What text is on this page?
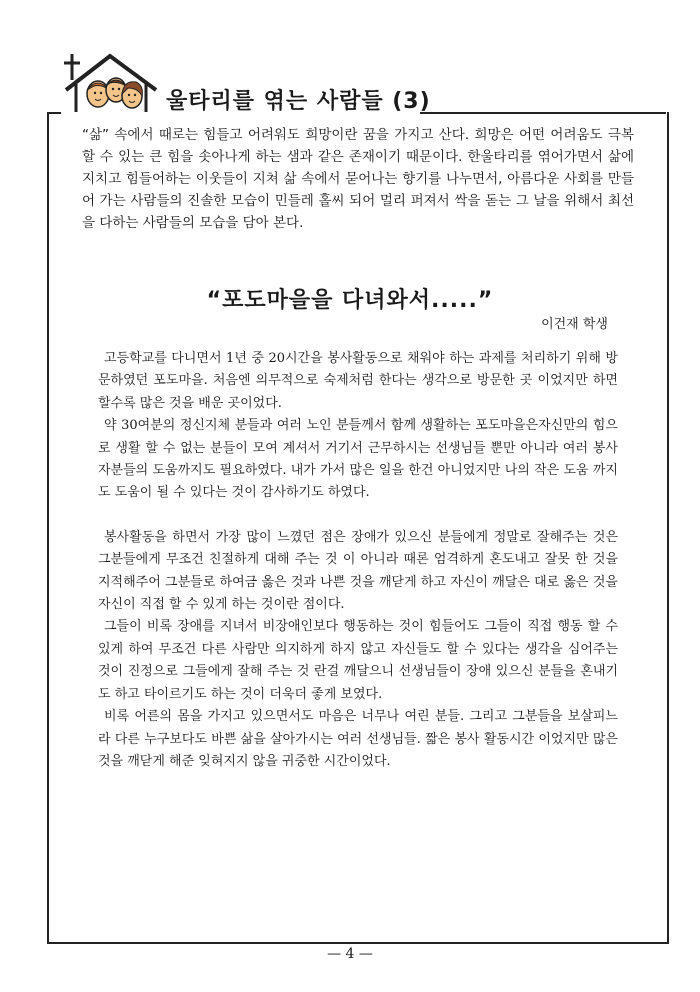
울타리를 엮는 사람들 (3)

“삶” 속에서 때로는 힘들고 어려워도 희망이란 꿈을 가지고 산다. 희망은 어떤 어려움도 극복 할 수 있는 큰 힘을 솟아나게 하는 샘과 같은 존재이기 때문이다. 한울타리를 엮어가면서 삶에 지치고 힘들어하는 이웃들이 지쳐 삶 속에서 묻어나는 향기를 나누면서, 아름다운 사회를 만들어 가는 사람들의 진솔한 모습이 민들레 홀씨 되어 멀리 퍼져서 싹을 돋는 그 날을 위해서 최선을 다하는 사람들의 모습을 담아 본다.

“포도마을을 다녀와서.....”
이건재 학생

고등학교를 다니면서 1년 중 20시간을 봉사활동으로 채워야 하는 과제를 처리하기 위해 방문하였던 포도마을. 처음엔 의무적으로 숙제처럼 한다는 생각으로 방문한 곳 이었지만 하면할수록 많은 것을 배운 곳이었다.

약 30여분의 정신지체 분들과 여러 노인 분들께서 함께 생활하는 포도마을은자신만의 힘으로 생활 할 수 없는 분들이 모여 계셔서 거기서 근무하시는 선생님들 뿐만 아니라 여러 봉사자분들의 도움까지도 필요하였다. 내가 가서 많은 일을 한건 아니었지만 나의 작은 도움 까지도 도움이 될 수 있다는 것이 감사하기도 하였다.

봉사활동을 하면서 가장 많이 느꼈던 점은 장애가 있으신 분들에게 정말로 잘해주는 것은 그분들에게 무조건 친절하게 대해 주는 것 이 아니라 때론 엄격하게 혼도내고 잘못 한 것을 지적해주어 그분들로 하여금 옳은 것과 나쁜 것을 깨닫게 하고 자신이 깨달은 대로 옳은 것을 자신이 직접 할 수 있게 하는 것이란 점이다.

그들이 비록 장애를 지녀서 비장애인보다 행동하는 것이 힘들어도 그들이 직접 행동 할 수 있게 하여 무조건 다른 사람만 의지하게 하지 않고 자신들도 할 수 있다는 생각을 심어주는 것이 진정으로 그들에게 잘해 주는 것 란걸 깨달으니 선생님들이 장애 있으신 분들을 혼내기도 하고 타이르기도 하는 것이 더욱더 좋게 보였다.

비록 어른의 몸을 가지고 있으면서도 마음은 너무나 여린 분들. 그리고 그분들을 보살피느라 다른 누구보다도 바쁜 삶을 살아가시는 여러 선생님들. 짧은 봉사 활동시간 이었지만 많은 것을 깨닫게 해준 잊혀지지 않을 귀중한 시간이었다.

— 4 —
